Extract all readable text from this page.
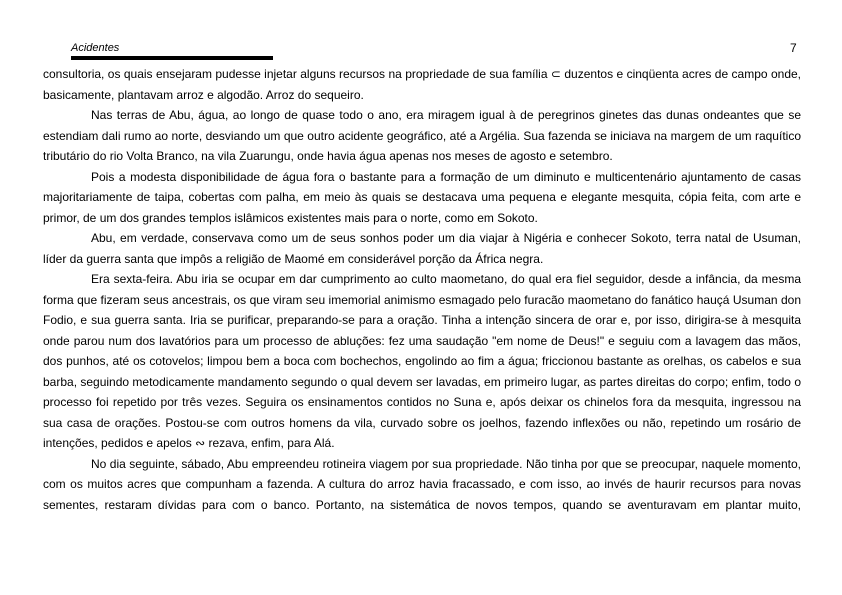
Acidentes	7

consultoria, os quais ensejaram pudesse injetar alguns recursos na propriedade de sua família ⊂ duzentos e cinqüenta acres de campo onde, basicamente, plantavam arroz e algodão. Arroz do sequeiro.

Nas terras de Abu, água, ao longo de quase todo o ano, era miragem igual à de peregrinos ginetes das dunas ondeantes que se estendiam dali rumo ao norte, desviando um que outro acidente geográfico, até a Argélia. Sua fazenda se iniciava na margem de um raquítico tributário do rio Volta Branco, na vila Zuarungu, onde havia água apenas nos meses de agosto e setembro.

Pois a modesta disponibilidade de água fora o bastante para a formação de um diminuto e multicentenário ajuntamento de casas majoritariamente de taipa, cobertas com palha, em meio às quais se destacava uma pequena e elegante mesquita, cópia feita, com arte e primor, de um dos grandes templos islâmicos existentes mais para o norte, como em Sokoto.

Abu, em verdade, conservava como um de seus sonhos poder um dia viajar à Nigéria e conhecer Sokoto, terra natal de Usuman, líder da guerra santa que impôs a religião de Maomé em considerável porção da África negra.

Era sexta-feira. Abu iria se ocupar em dar cumprimento ao culto maometano, do qual era fiel seguidor, desde a infância, da mesma forma que fizeram seus ancestrais, os que viram seu imemorial animismo esmagado pelo furacão maometano do fanático hauçá Usuman don Fodio, e sua guerra santa. Iria se purificar, preparando-se para a oração. Tinha a intenção sincera de orar e, por isso, dirigira-se à mesquita onde parou num dos lavatórios para um processo de abluções: fez uma saudação "em nome de Deus!" e seguiu com a lavagem das mãos, dos punhos, até os cotovelos; limpou bem a boca com bochechos, engolindo ao fim a água; friccionou bastante as orelhas, os cabelos e sua barba, seguindo metodicamente mandamento segundo o qual devem ser lavadas, em primeiro lugar, as partes direitas do corpo; enfim, todo o processo foi repetido por três vezes. Seguira os ensinamentos contidos no Suna e, após deixar os chinelos fora da mesquita, ingressou na sua casa de orações. Postou-se com outros homens da vila, curvado sobre os joelhos, fazendo inflexões ou não, repetindo um rosário de intenções, pedidos e apelos ∾ rezava, enfim, para Alá.

No dia seguinte, sábado, Abu empreendeu rotineira viagem por sua propriedade. Não tinha por que se preocupar, naquele momento, com os muitos acres que compunham a fazenda. A cultura do arroz havia fracassado, e com isso, ao invés de haurir recursos para novas sementes, restaram dívidas para com o banco. Portanto, na sistemática de novos tempos, quando se aventuravam em plantar muito,
